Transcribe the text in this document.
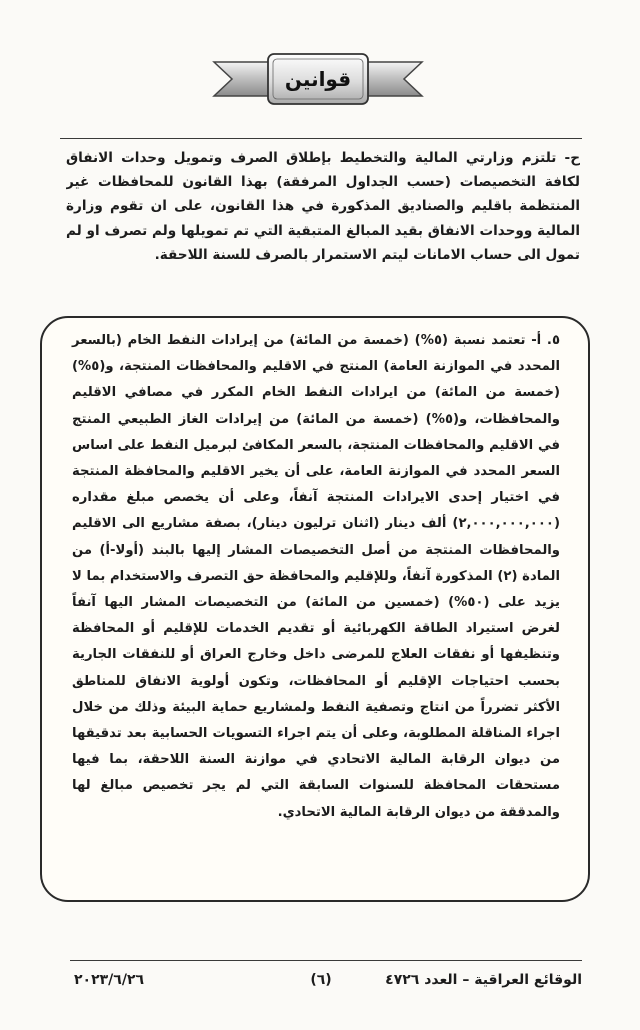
قوانين
ح- تلتزم وزارتي المالية والتخطيط بإطلاق الصرف وتمويل وحدات الانفاق لكافة التخصيصات (حسب الجداول المرفقة) بهذا القانون للمحافظات غير المنتظمة باقليم والصناديق المذكورة في هذا القانون، على ان تقوم وزارة المالية ووحدات الانفاق بقيد المبالغ المتبقية التي تم تمويلها ولم تصرف او لم تمول الى حساب الامانات ليتم الاستمرار بالصرف للسنة اللاحقة.

٥. أ- تعتمد نسبة (٥%) (خمسة من المائة) من إيرادات النفط الخام (بالسعر المحدد في الموازنة العامة) المنتج في الاقليم والمحافظات المنتجة، و(٥%) (خمسة من المائة) من ايرادات النفط الخام المكرر في مصافي الاقليم والمحافظات، و(٥%) (خمسة من المائة) من إيرادات الغاز الطبيعي المنتج في الاقليم والمحافظات المنتجة، بالسعر المكافئ لبرميل النفط على اساس السعر المحدد في الموازنة العامة، على أن يخير الاقليم والمحافظة المنتجة في اختيار إحدى الايرادات المنتجة آنفاً، وعلى أن يخصص مبلغ مقداره (٢,٠٠٠,٠٠٠,٠٠٠) ألف دينار (اثنان ترليون دينار)، بصفة مشاريع الى الاقليم والمحافظات المنتجة من أصل التخصيصات المشار إليها بالبند (أولا-أ) من المادة (٢) المذكورة آنفاً، وللإقليم والمحافظة حق التصرف والاستخدام بما لا يزيد على (٥٠%) (خمسين من المائة) من التخصيصات المشار اليها آنفاً لغرض استيراد الطاقة الكهربائية أو تقديم الخدمات للإقليم أو المحافظة وتنظيفها أو نفقات العلاج للمرضى داخل وخارج العراق أو للنفقات الجارية بحسب احتياجات الإقليم أو المحافظات، وتكون أولوية الانفاق للمناطق الأكثر تضرراً من انتاج وتصفية النفط ولمشاريع حماية البيئة وذلك من خلال اجراء المناقلة المطلوبة، وعلى أن يتم اجراء التسويات الحسابية بعد تدقيقها من ديوان الرقابة المالية الاتحادي في موازنة السنة اللاحقة، بما فيها مستحقات المحافظة للسنوات السابقة التي لم يجر تخصيص مبالغ لها والمدققة من ديوان الرقابة المالية الاتحادي.

الوقائع العراقية – العدد ٤٧٢٦
(٦)
٢٠٢٣/٦/٢٦
